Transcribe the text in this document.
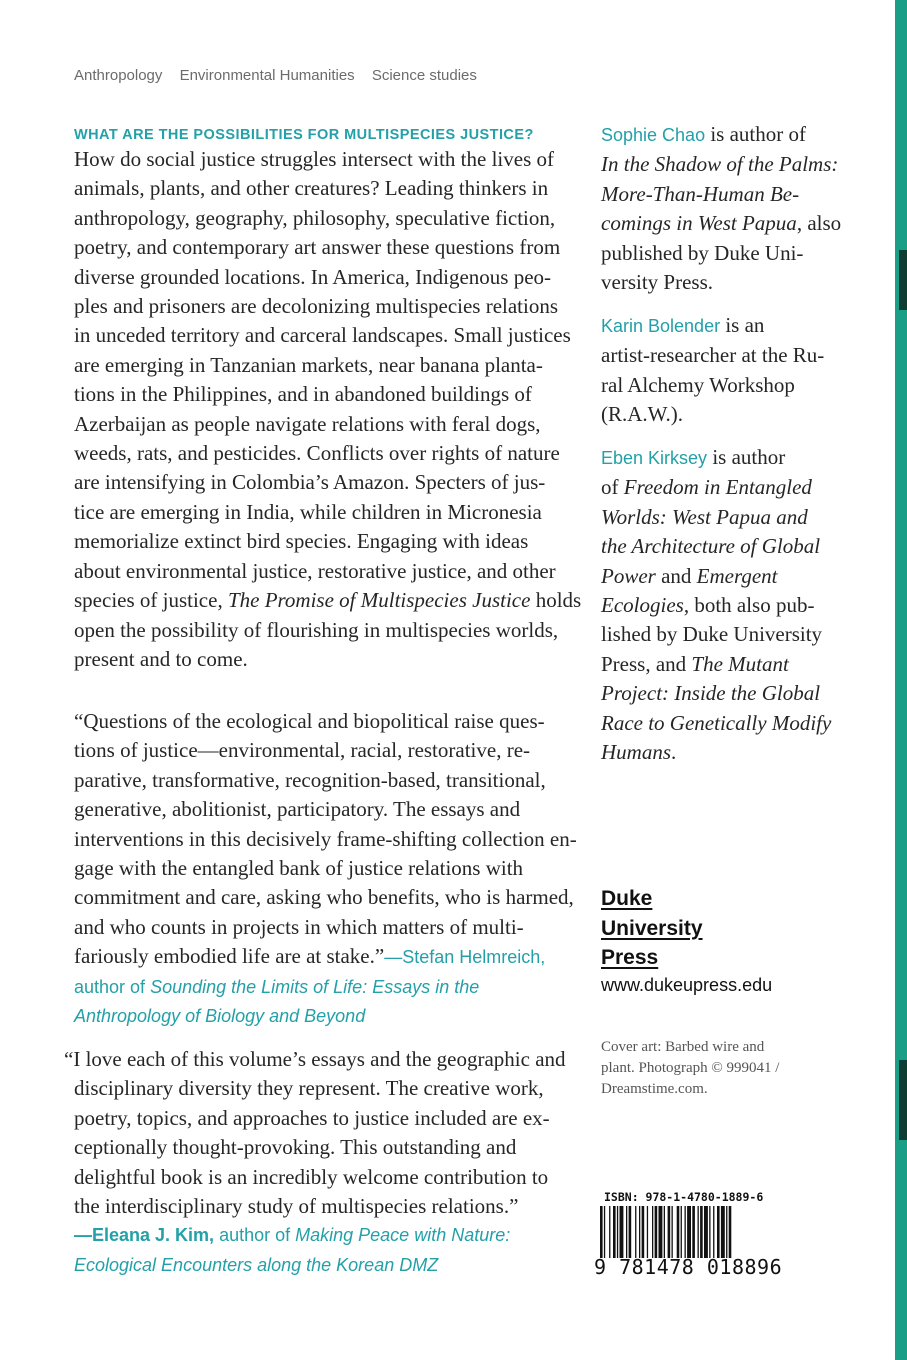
Anthropology Environmental Humanities Science studies
WHAT ARE THE POSSIBILITIES FOR MULTISPECIES JUSTICE?
How do social justice struggles intersect with the lives of
animals, plants, and other creatures? Leading thinkers in
anthropology, geography, philosophy, speculative fiction,
poetry, and contemporary art answer these questions from
diverse grounded locations. In America, Indigenous peo-
ples and prisoners are decolonizing multispecies relations
in unceded territory and carceral landscapes. Small justices
are emerging in Tanzanian markets, near banana planta-
tions in the Philippines, and in abandoned buildings of
Azerbaijan as people navigate relations with feral dogs,
weeds, rats, and pesticides. Conflicts over rights of nature
are intensifying in Colombia’s Amazon. Specters of jus-
tice are emerging in India, while children in Micronesia
memorialize extinct bird species. Engaging with ideas
about environmental justice, restorative justice, and other
species of justice, The Promise of Multispecies Justice holds
open the possibility of flourishing in multispecies worlds,
present and to come.
“Questions of the ecological and biopolitical raise ques-
tions of justice—environmental, racial, restorative, re-
parative, transformative, recognition-based, transitional,
generative, abolitionist, participatory. The essays and
interventions in this decisively frame-shifting collection en-
gage with the entangled bank of justice relations with
commitment and care, asking who benefits, who is harmed,
and who counts in projects in which matters of multi-
fariously embodied life are at stake.”—Stefan Helmreich,
author of Sounding the Limits of Life: Essays in the
Anthropology of Biology and Beyond
“I love each of this volume’s essays and the geographic and
disciplinary diversity they represent. The creative work,
poetry, topics, and approaches to justice included are ex-
ceptionally thought-provoking. This outstanding and
delightful book is an incredibly welcome contribution to
the interdisciplinary study of multispecies relations.”
—Eleana J. Kim, author of Making Peace with Nature:
Ecological Encounters along the Korean DMZ
Sophie Chao is author of
In the Shadow of the Palms:
More-Than-Human Be-
comings in West Papua, also
published by Duke Uni-
versity Press.
Karin Bolender is an
artist-researcher at the Ru-
ral Alchemy Workshop
(R.A.W.).
Eben Kirksey is author
of Freedom in Entangled
Worlds: West Papua and
the Architecture of Global
Power and Emergent
Ecologies, both also pub-
lished by Duke University
Press, and The Mutant
Project: Inside the Global
Race to Genetically Modify
Humans.
Duke
University
Press
www.dukeupress.edu
Cover art: Barbed wire and
plant. Photograph © 999041 /
Dreamstime.com.
ISBN: 978-1-4780-1889-6
9 781478 018896
